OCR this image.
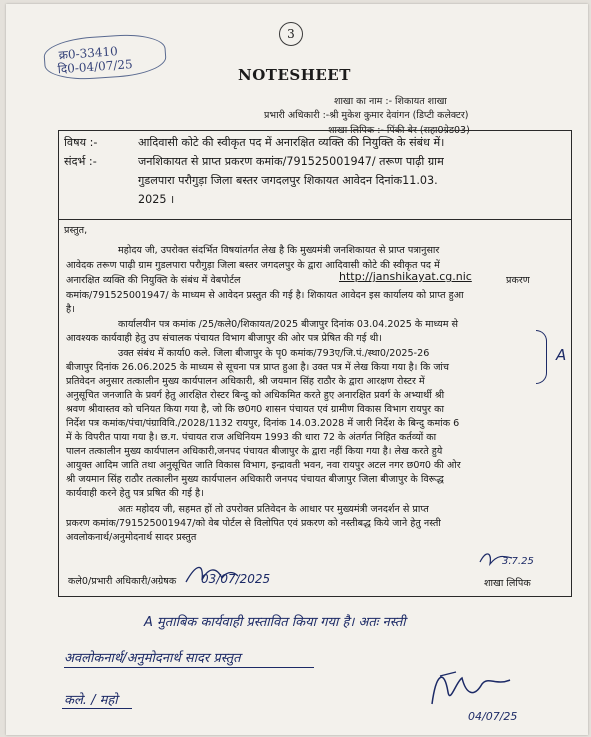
क्र0-33410
दि0-04/07/25
3
NOTESHEET
शाखा का नाम :- शिकायत शाखा
प्रभारी अधिकारी :-श्री मुकेश कुमार देवांगन (डिप्टी कलेक्टर)
शाखा लिपिक :- पिंकी बेर (सहा0ग्रेड03)
विषय :-	आदिवासी कोटे की स्वीकृत पद में अनारक्षित व्यक्ति की नियुक्ति के संबंध में।
संदर्भ :-	जनशिकायत से प्राप्त प्रकरण कमांक/791525001947/ तरूण पाढ़ी ग्राम
गुडलपारा परौगुड़ा जिला बस्तर जगदलपुर शिकायत आवेदन दिनांक11.03.
2025 ।
प्रस्तुत,
महोदय जी, उपरोक्त संदर्भित विषयांतर्गत लेख है कि मुख्यमंत्री जनशिकायत से प्राप्त पत्रानुसार
आवेदक तरूण पाढ़ी ग्राम गुडलपारा परौगुड़ा जिला बस्तर जगदलपुर के द्वारा आदिवासी कोटे की स्वीकृत पद में
अनारक्षित व्यक्ति की नियुक्ति के संबंध में वेबपोर्टल	http://janshikayat.cg.nic	प्रकरण
कमांक/791525001947/ के माध्यम से आवेदन प्रस्तुत की गई है। शिकायत आवेदन इस कार्यालय को प्राप्त हुआ
है।
कार्यालयीन पत्र कमांक /25/कले0/शिकायत/2025 बीजापुर दिनांक 03.04.2025 के माध्यम से
आवश्यक कार्यवाही हेतु उप संचालक पंचायत विभाग बीजापुर की ओर पत्र प्रेषित की गई थी।
उक्त संबंध में कार्या0 कले. जिला बीजापुर के पृ0 कमांक/793ए/जि.पं./स्था0/2025-26
बीजापुर दिनांक 26.06.2025 के माध्यम से सूचना पत्र प्राप्त हुआ है। उक्त पत्र में लेख किया गया है। कि जांच
प्रतिवेदन अनुसार तत्कालीन मुख्य कार्यपालन अधिकारी, श्री जयमान सिंह राठौर के द्वारा आरक्षण रोस्टर में
अनुसूचित जनजाति के प्रवर्ग हेतु आरक्षित रोस्टर बिन्दु को अधिकमित करते हुए अनारक्षित प्रवर्ग के अभ्यार्थी श्री
श्रवण श्रीवास्तव को चनियत किया गया है, जो कि छ0ग0 शासन पंचायत एवं ग्रामीण विकास विभाग रायपुर का
निर्देश पत्र कमांक/पंचा/पंग्राविवि./2028/1132 रायपुर, दिनांक 14.03.2028 में जारी निर्देश के बिन्दु कमांक 6
में के विपरीत पाया गया है। छ.ग. पंचायत राज अधिनियम 1993 की धारा 72 के अंतर्गत निहित कर्तव्यों का
पालन तत्कालीन मुख्य कार्यपालन अधिकारी,जनपद पंचायत बीजापुर के द्वारा नहीं किया गया है। लेख करते हुये
आयुक्त आदिम जाति तथा अनुसूचित जाति विकास विभाग, इन्द्रावती भवन, नवा रायपुर अटल नगर छ0ग0 की ओर
श्री जयमान सिंह राठौर तत्कालीन मुख्य कार्यपालन अधिकारी जनपद पंचायत बीजापुर जिला बीजापुर के विरूद्ध
कार्यवाही करने हेतु पत्र प्रषित की गई है।
अतः महोदय जी, सहमत हों तो उपरोक्त प्रतिवेदन के आधार पर मुख्यमंत्री जनदर्शन से प्राप्त
प्रकरण कमांक/791525001947/को वेब पोर्टल से विलोपित एवं प्रकरण को नस्तीबद्ध किये जाने हेतु नस्ती
अवलोकनार्थ/अनुमोदनार्थ सादर प्रस्तुत
A
कले0/प्रभारी अधिकारी/अग्रेषक 03/07/2025
3.7.25
शाखा लिपिक
A मुताबिक कार्यवाही प्रस्तावित किया गया है। अतः नस्ती
अवलोकनार्थ/अनुमोदनार्थ सादर प्रस्तुत
कले. / महो
04/07/25
